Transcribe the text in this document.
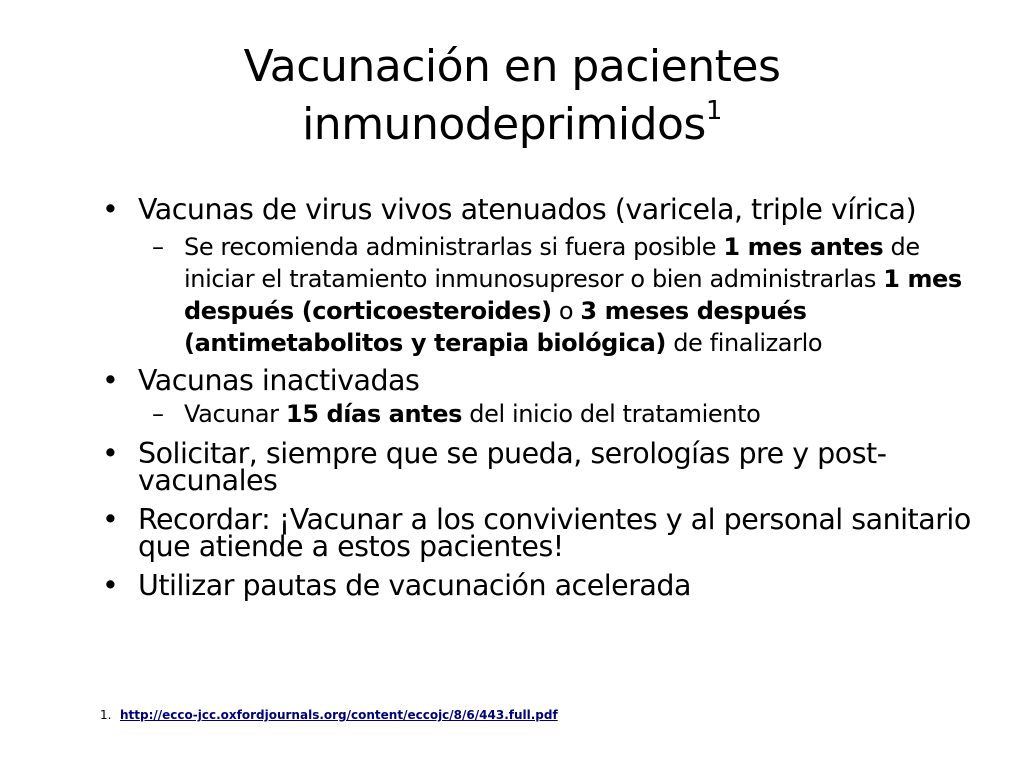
Vacunación en pacientes inmunodeprimidos$^1$
• Vacunas de virus vivos atenuados (varicela, triple vírica)
– Se recomienda administrarlas si fuera posible 1 mes antes de iniciar el tratamiento inmunosupresor o bien administrarlas 1 mes después (corticoesteroides) o 3 meses después (antimetabolitos y terapia biológica) de finalizarlo
• Vacunas inactivadas
– Vacunar 15 días antes del inicio del tratamiento
• Solicitar, siempre que se pueda, serologías pre y post-vacunales
• Recordar: ¡Vacunar a los convivientes y al personal sanitario que atiende a estos pacientes!
• Utilizar pautas de vacunación acelerada
1. http://ecco-jcc.oxfordjournals.org/content/eccojc/8/6/443.full.pdf
